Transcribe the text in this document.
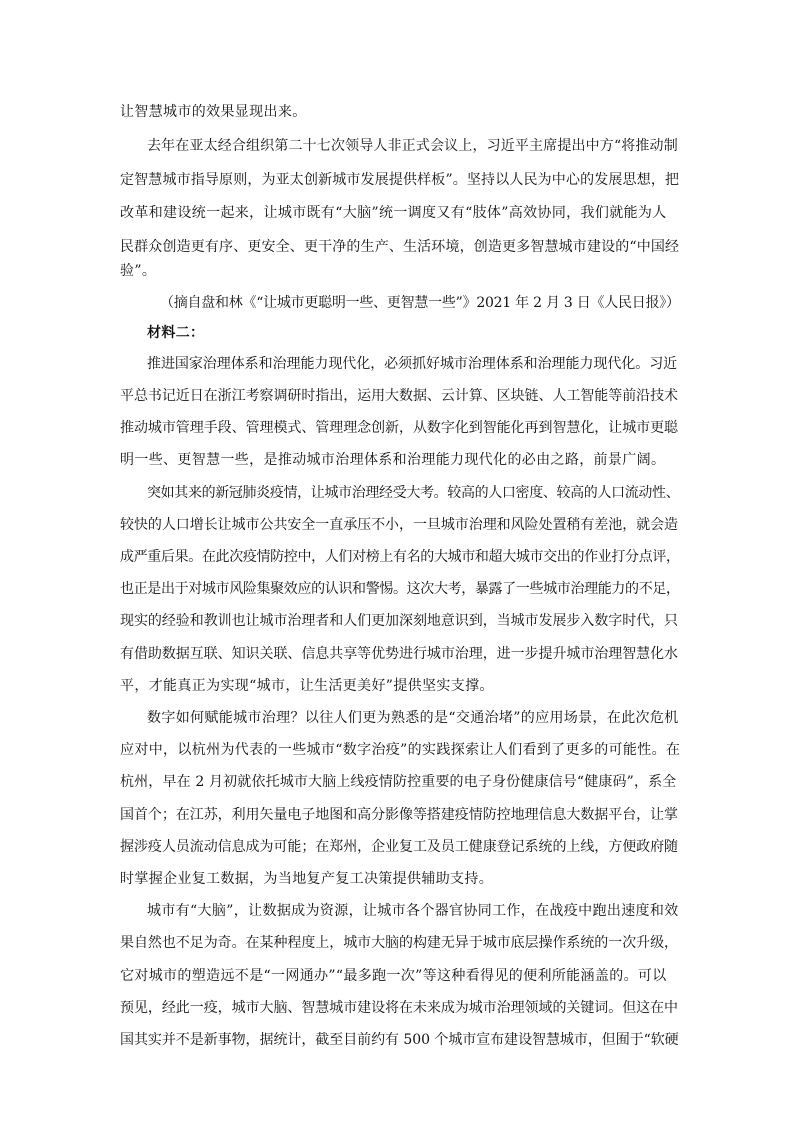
让智慧城市的效果显现出来。
去年在亚太经合组织第二十七次领导人非正式会议上，习近平主席提出中方“将推动制
定智慧城市指导原则，为亚太创新城市发展提供样板”。坚持以人民为中心的发展思想，把
改革和建设统一起来，让城市既有“大脑”统一调度又有“肢体”高效协同，我们就能为人
民群众创造更有序、更安全、更干净的生产、生活环境，创造更多智慧城市建设的“中国经
验”。
（摘自盘和林《“让城市更聪明一些、更智慧一些”》2021 年 2 月 3 日《人民日报》）
材料二：
推进国家治理体系和治理能力现代化，必须抓好城市治理体系和治理能力现代化。习近
平总书记近日在浙江考察调研时指出，运用大数据、云计算、区块链、人工智能等前沿技术
推动城市管理手段、管理模式、管理理念创新，从数字化到智能化再到智慧化，让城市更聪
明一些、更智慧一些，是推动城市治理体系和治理能力现代化的必由之路，前景广阔。
突如其来的新冠肺炎疫情，让城市治理经受大考。较高的人口密度、较高的人口流动性、
较快的人口增长让城市公共安全一直承压不小，一旦城市治理和风险处置稍有差池，就会造
成严重后果。在此次疫情防控中，人们对榜上有名的大城市和超大城市交出的作业打分点评，
也正是出于对城市风险集聚效应的认识和警惕。这次大考，暴露了一些城市治理能力的不足，
现实的经验和教训也让城市治理者和人们更加深刻地意识到，当城市发展步入数字时代，只
有借助数据互联、知识关联、信息共享等优势进行城市治理，进一步提升城市治理智慧化水
平，才能真正为实现“城市，让生活更美好”提供坚实支撑。
数字如何赋能城市治理？以往人们更为熟悉的是“交通治堵”的应用场景，在此次危机
应对中，以杭州为代表的一些城市“数字治疫”的实践探索让人们看到了更多的可能性。在
杭州，早在 2 月初就依托城市大脑上线疫情防控重要的电子身份健康信号“健康码”，系全
国首个；在江苏，利用矢量电子地图和高分影像等搭建疫情防控地理信息大数据平台，让掌
握涉疫人员流动信息成为可能；在郑州，企业复工及员工健康登记系统的上线，方便政府随
时掌握企业复工数据，为当地复产复工决策提供辅助支持。
城市有“大脑”，让数据成为资源，让城市各个器官协同工作，在战疫中跑出速度和效
果自然也不足为奇。在某种程度上，城市大脑的构建无异于城市底层操作系统的一次升级，
它对城市的塑造远不是“一网通办”“最多跑一次”等这种看得见的便利所能涵盖的。可以
预见，经此一疫，城市大脑、智慧城市建设将在未来成为城市治理领域的关键词。但这在中
国其实并不是新事物，据统计，截至目前约有 500 个城市宣布建设智慧城市，但囿于“软硬
